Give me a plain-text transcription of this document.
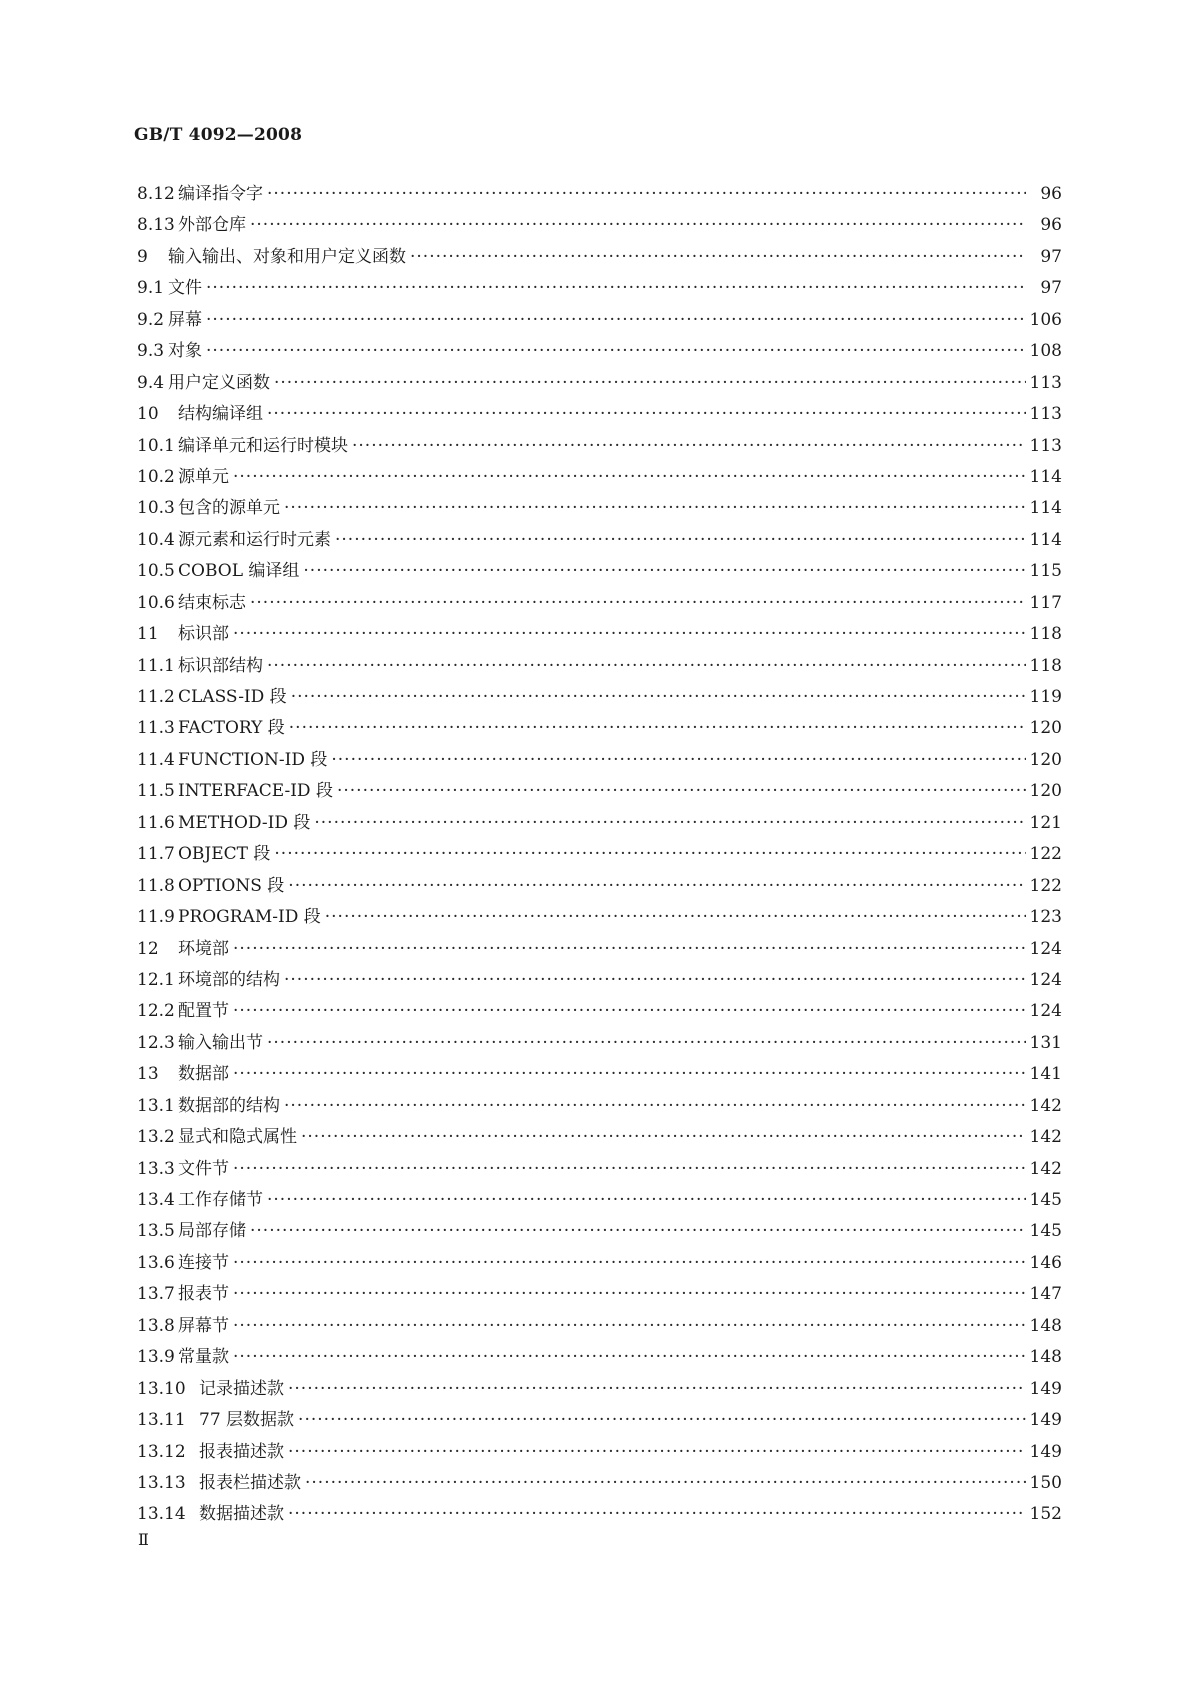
GB/T 4092—2008
8.12 编译指令字 ·····	96
8.13 外部仓库 ·····	96
9	输入输出、对象和用户定义函数 ·····	97
9.1 文件 ·····	97
9.2 屏幕 ·····	106
9.3 对象 ·····	108
9.4 用户定义函数 ·····	113
10	结构编译组 ·····	113
10.1 编译单元和运行时模块 ·····	113
10.2 源单元 ·····	114
10.3 包含的源单元 ·····	114
10.4 源元素和运行时元素 ·····	114
10.5 COBOL 编译组 ·····	115
10.6 结束标志 ·····	117
11	标识部 ·····	118
11.1 标识部结构 ·····	118
11.2 CLASS-ID 段 ·····	119
11.3 FACTORY 段 ·····	120
11.4 FUNCTION-ID 段 ·····	120
11.5 INTERFACE-ID 段 ·····	120
11.6 METHOD-ID 段 ·····	121
11.7 OBJECT 段 ·····	122
11.8 OPTIONS 段 ·····	122
11.9 PROGRAM-ID 段 ·····	123
12	环境部 ·····	124
12.1 环境部的结构 ·····	124
12.2 配置节 ·····	124
12.3 输入输出节 ·····	131
13	数据部 ·····	141
13.1 数据部的结构 ·····	142
13.2 显式和隐式属性 ·····	142
13.3 文件节 ·····	142
13.4 工作存储节 ·····	145
13.5 局部存储 ·····	145
13.6 连接节 ·····	146
13.7 报表节 ·····	147
13.8 屏幕节 ·····	148
13.9 常量款 ·····	148
13.10 记录描述款 ·····	149
13.11 77 层数据款 ·····	149
13.12 报表描述款 ·····	149
13.13 报表栏描述款 ·····	150
13.14 数据描述款 ·····	152
Ⅱ
